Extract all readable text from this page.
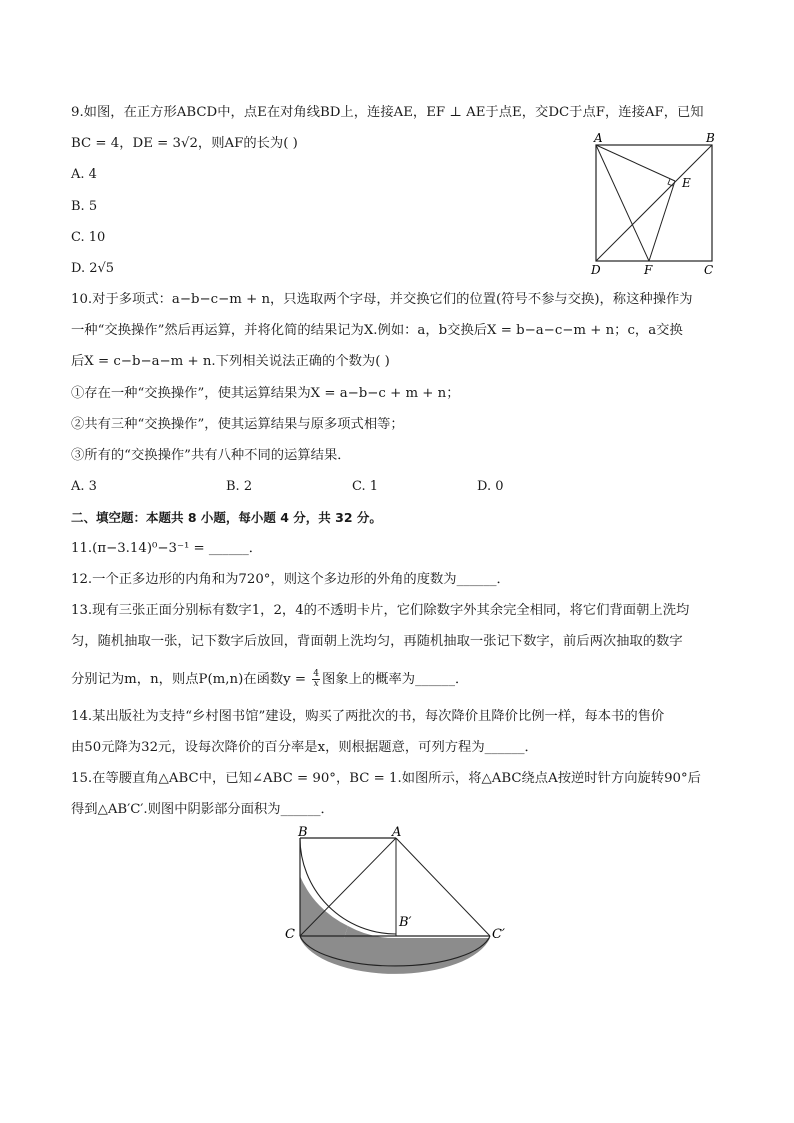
9.如图，在正方形ABCD中，点E在对角线BD上，连接AE，EF ⊥ AE于点E，交DC于点F，连接AF，已知
BC = 4，DE = 3√2，则AF的长为( )
A. 4
B. 5
C. 10
D. 2√5
A	B
C
D
E
F
10.对于多项式：a−b−c−m + n，只选取两个字母，并交换它们的位置(符号不参与交换)，称这种操作为
一种“交换操作”然后再运算，并将化简的结果记为X.例如：a，b交换后X = b−a−c−m + n；c，a交换
后X = c−b−a−m + n.下列相关说法正确的个数为( )
①存在一种“交换操作”，使其运算结果为X = a−b−c + m + n；
②共有三种“交换操作”，使其运算结果与原多项式相等；
③所有的“交换操作”共有八种不同的运算结果．
A. 3	B. 2	C. 1	D. 0
二、填空题：本题共 8 小题，每小题 4 分，共 32 分。
11.(π−3.14)⁰−3⁻¹ = ______．
12.一个正多边形的内角和为720°，则这个多边形的外角的度数为______．
13.现有三张正面分别标有数字1，2，4的不透明卡片，它们除数字外其余完全相同，将它们背面朝上洗均
匀，随机抽取一张，记下数字后放回，背面朝上洗均匀，再随机抽取一张记下数字，前后两次抽取的数字
分别记为m，n，则点P(m,n)在函数$y = \frac{4}{x}$ 图象上的概率为______．
14.某出版社为支持“乡村图书馆”建设，购买了两批次的书，每次降价且降价比例一样，每本书的售价
由50元降为32元，设每次降价的百分率是x，则根据题意，可列方程为______．
15.在等腰直角△ABC中，已知∠ABC = 90°，BC = 1.如图所示，将△ABC绕点A按逆时针方向旋转90°后
得到△AB′C′.则图中阴影部分面积为______．
B	A
C
B′
C′
